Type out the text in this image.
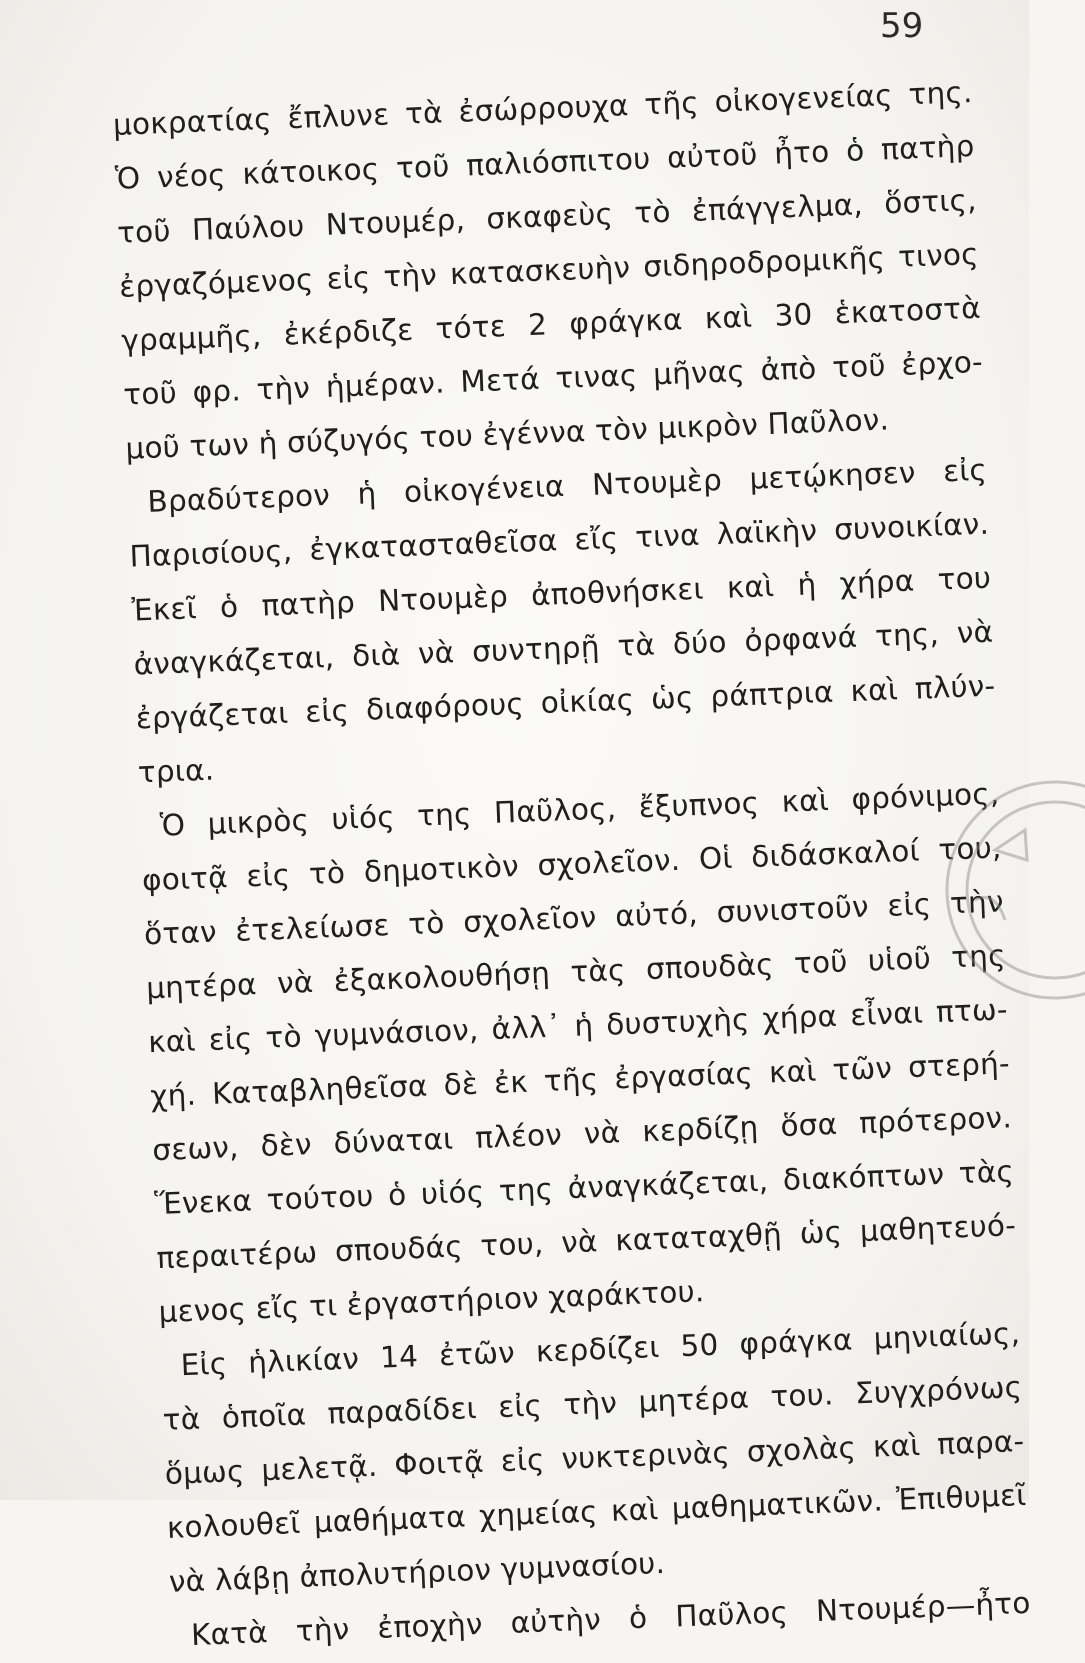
59
μοκρατίας ἔπλυνε τὰ ἐσώρρουχα τῆς οἰκογενείας της.
Ὁ νέος κάτοικος τοῦ παλιόσπιτου αὐτοῦ ἦτο ὁ πατὴρ
τοῦ Παύλου Ντουμέρ, σκαφεὺς τὸ ἐπάγγελμα, ὅστις,
ἐργαζόμενος εἰς τὴν κατασκευὴν σιδηροδρομικῆς τινος
γραμμῆς, ἐκέρδιζε τότε 2 φράγκα καὶ 30 ἑκατοστὰ
τοῦ φρ. τὴν ἡμέραν. Μετά τινας μῆνας ἀπὸ τοῦ ἐρχο-
μοῦ των ἡ σύζυγός του ἐγέννα τὸν μικρὸν Παῦλον.
Βραδύτερον ἡ οἰκογένεια Ντουμὲρ μετῴκησεν εἰς
Παρισίους, ἐγκατασταθεῖσα εἴς τινα λαϊκὴν συνοικίαν.
Ἐκεῖ ὁ πατὴρ Ντουμὲρ ἀποθνήσκει καὶ ἡ χήρα του
ἀναγκάζεται, διὰ νὰ συντηρῇ τὰ δύο ὀρφανά της, νὰ
ἐργάζεται εἰς διαφόρους οἰκίας ὡς ράπτρια καὶ πλύν-
τρια.
Ὁ μικρὸς υἱός της Παῦλος, ἔξυπνος καὶ φρόνιμος,
φοιτᾷ εἰς τὸ δημοτικὸν σχολεῖον. Οἱ διδάσκαλοί του,
ὅταν ἐτελείωσε τὸ σχολεῖον αὐτό, συνιστοῦν εἰς τὴν
μητέρα νὰ ἐξακολουθήσῃ τὰς σπουδὰς τοῦ υἱοῦ της
καὶ εἰς τὸ γυμνάσιον, ἀλλ᾽ ἡ δυστυχὴς χήρα εἶναι πτω-
χή. Καταβληθεῖσα δὲ ἐκ τῆς ἐργασίας καὶ τῶν στερή-
σεων, δὲν δύναται πλέον νὰ κερδίζῃ ὅσα πρότερον.
Ἕνεκα τούτου ὁ υἱός της ἀναγκάζεται, διακόπτων τὰς
περαιτέρω σπουδάς του, νὰ καταταχθῇ ὡς μαθητευό-
μενος εἴς τι ἐργαστήριον χαράκτου.
Εἰς ἡλικίαν 14 ἐτῶν κερδίζει 50 φράγκα μηνιαίως,
τὰ ὁποῖα παραδίδει εἰς τὴν μητέρα του. Συγχρόνως
ὅμως μελετᾷ. Φοιτᾷ εἰς νυκτερινὰς σχολὰς καὶ παρα-
κολουθεῖ μαθήματα χημείας καὶ μαθηματικῶν. Ἐπιθυμεῖ
νὰ λάβῃ ἀπολυτήριον γυμνασίου.
Κατὰ τὴν ἐποχὴν αὐτὴν ὁ Παῦλος Ντουμέρ—ἦτο
